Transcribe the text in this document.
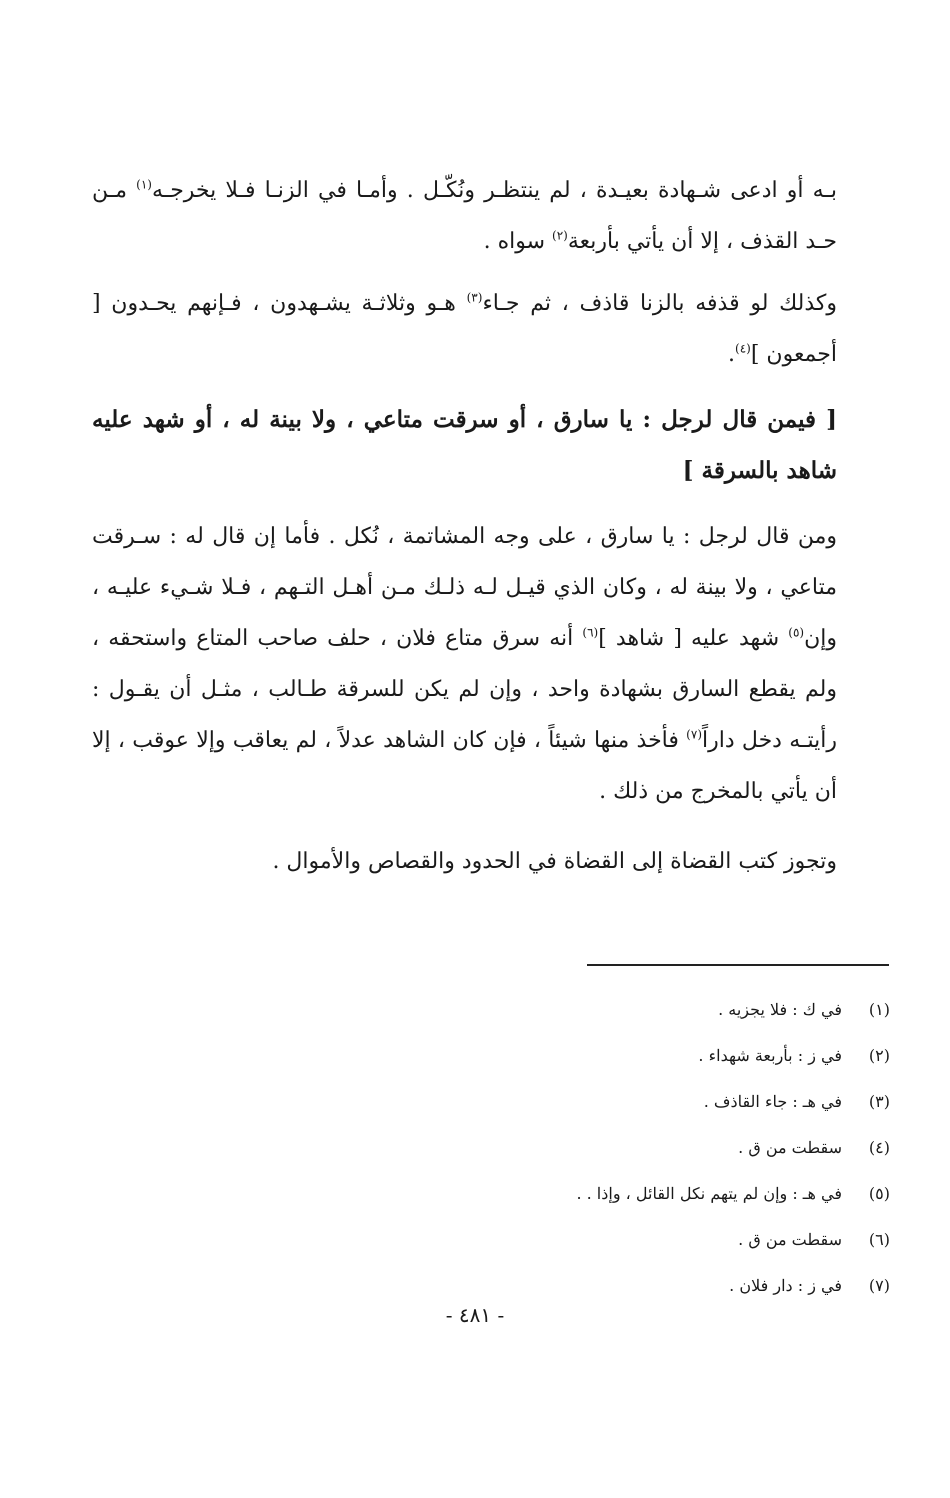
بـه أو ادعى شـهادة بعيـدة ، لم ينتظـر ونُكّـل . وأمـا في الزنـا فـلا يخرجـه$^{(١)}$ مـن حـد القذف ، إلا أن يأتي بأربعة$^{(٢)}$ سواه .

وكذلك لو قذفه بالزنا قاذف ، ثم جـاء$^{(٣)}$ هـو وثلاثـة يشـهدون ، فـإنهم يحـدون [ أجمعون ]$^{(٤)}$.

[ فيمن قال لرجل : يا سارق ، أو سرقت متاعي ، ولا بينة له ، أو شهد عليه شاهد بالسرقة ]

ومن قال لرجل : يا سارق ، على وجه المشاتمة ، نُكل . فأما إن قال له : سـرقت متاعي ، ولا بينة له ، وكان الذي قيـل لـه ذلـك مـن أهـل التـهم ، فـلا شـيء عليـه ، وإن$^{(٥)}$ شهد عليه [ شاهد ]$^{(٦)}$ أنه سرق متاع فلان ، حلف صاحب المتاع واستحقه ، ولم يقطع السارق بشهادة واحد ، وإن لم يكن للسرقة طـالب ، مثـل أن يقـول : رأيتـه دخل داراً$^{(٧)}$ فأخذ منها شيئاً ، فإن كان الشاهد عدلاً ، لم يعاقب وإلا عوقب ، إلا أن يأتي بالمخرج من ذلك .

وتجوز كتب القضاة إلى القضاة في الحدود والقصاص والأموال .

(١)
في ك : فلا يجزيه .
(٢)
في ز : بأربعة شهداء .
(٣)
في هـ : جاء القاذف .
(٤)
سقطت من ق .
(٥)
في هـ : وإن لم يتهم نكل القائل ، وإذا . .
(٦)
سقطت من ق .
(٧)
في ز : دار فلان .
- ٤٨١ -
